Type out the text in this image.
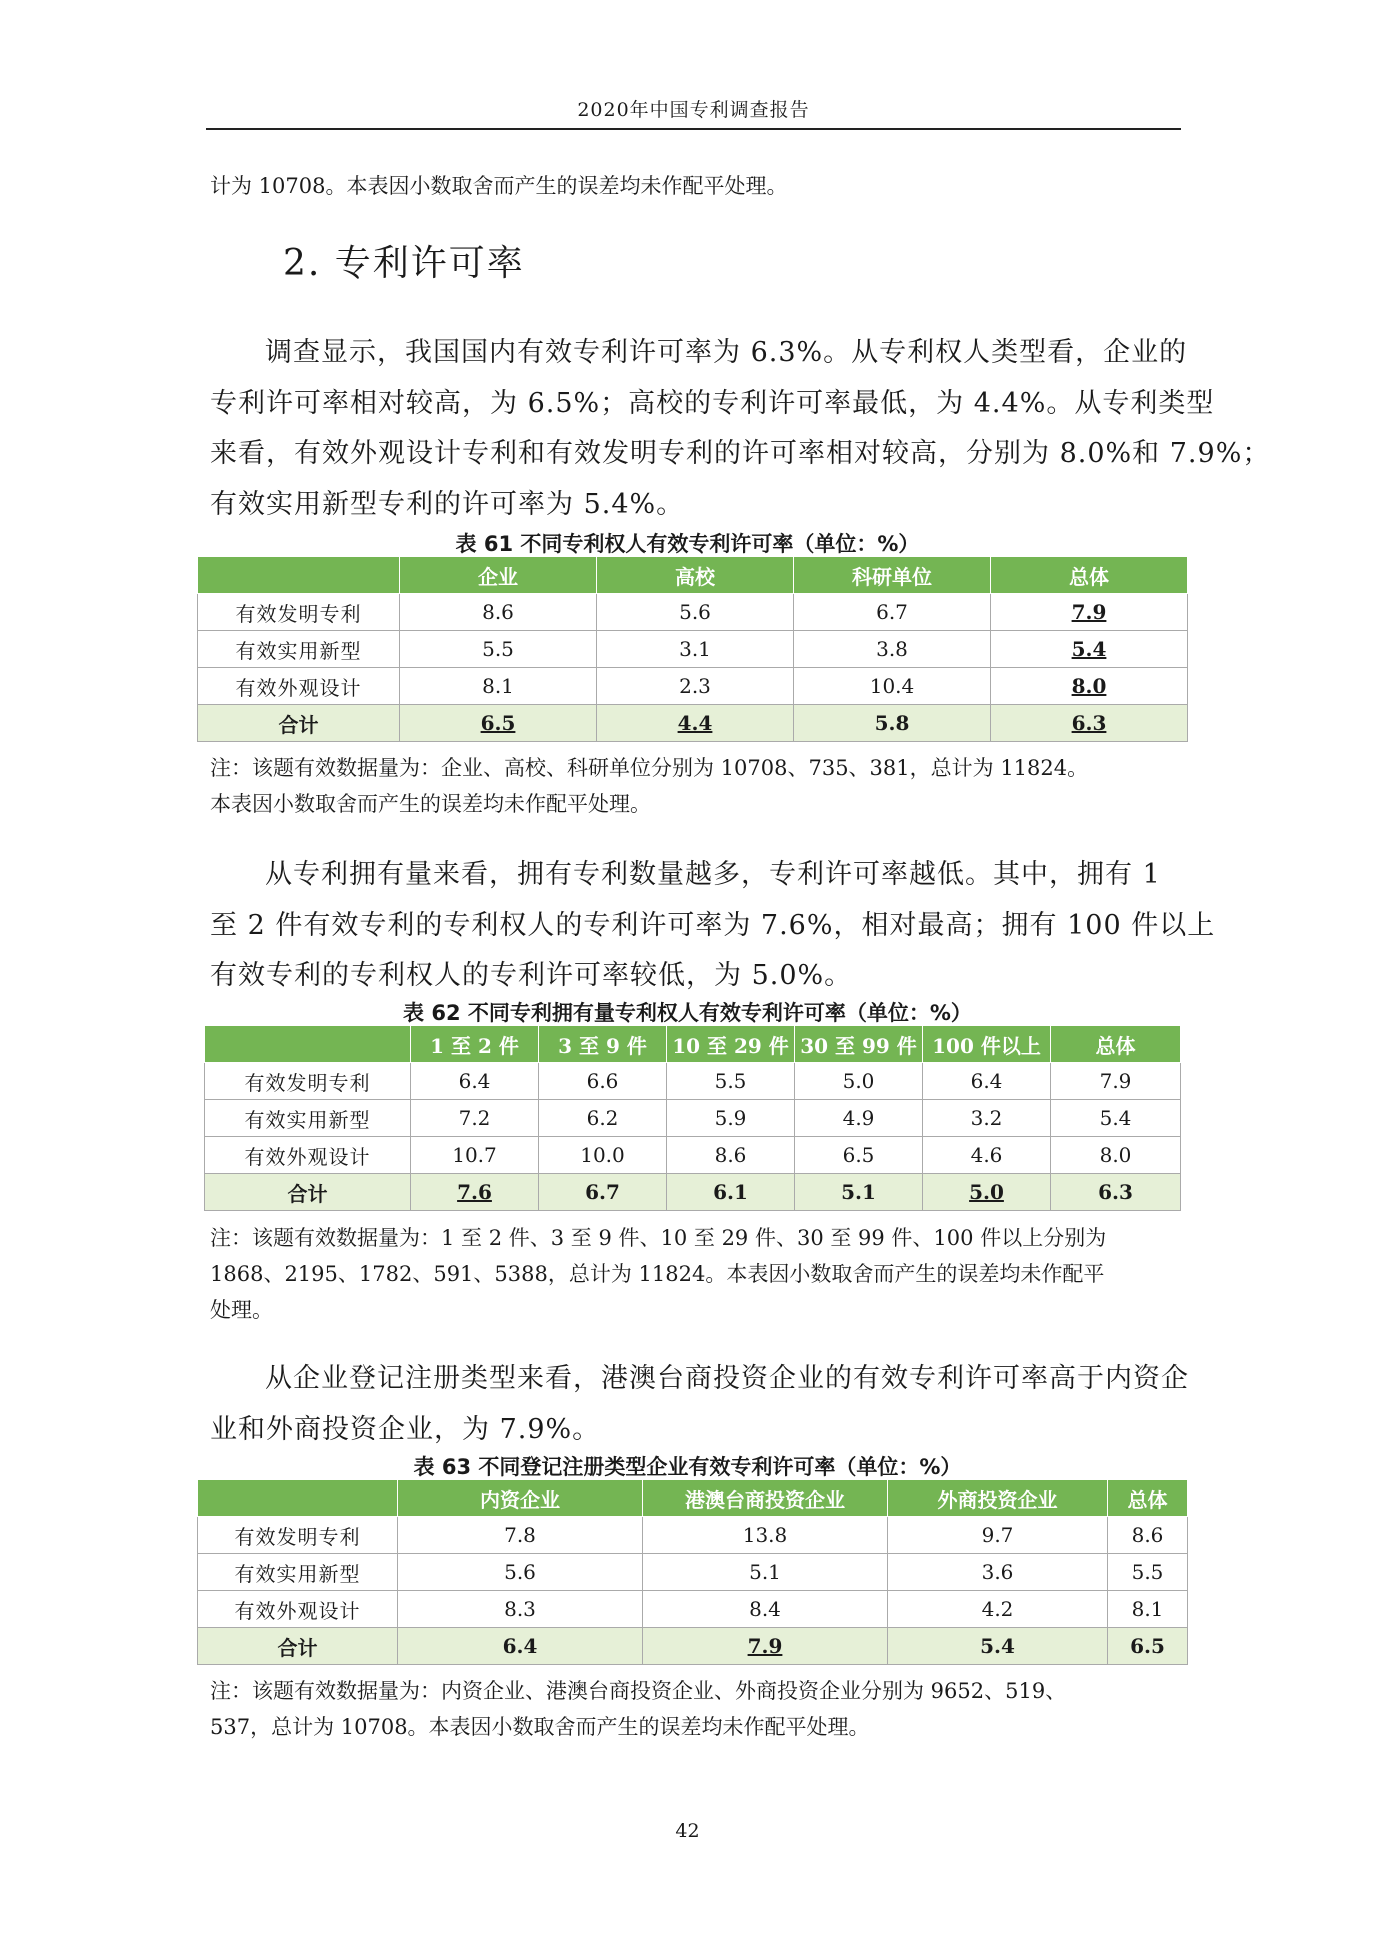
2020年中国专利调查报告
计为 10708。本表因小数取舍而产生的误差均未作配平处理。
2. 专利许可率
调查显示，我国国内有效专利许可率为 6.3%。从专利权人类型看，企业的
专利许可率相对较高，为 6.5%；高校的专利许可率最低，为 4.4%。从专利类型
来看，有效外观设计专利和有效发明专利的许可率相对较高，分别为 8.0%和 7.9%；
有效实用新型专利的许可率为 5.4%。
表 61 不同专利权人有效专利许可率（单位：%）
	企业	高校	科研单位	总体
有效发明专利	8.6	5.6	6.7	7.9
有效实用新型	5.5	3.1	3.8	5.4
有效外观设计	8.1	2.3	10.4	8.0
合计	6.5	4.4	5.8	6.3
注：该题有效数据量为：企业、高校、科研单位分别为 10708、735、381，总计为 11824。
本表因小数取舍而产生的误差均未作配平处理。
从专利拥有量来看，拥有专利数量越多，专利许可率越低。其中，拥有 1
至 2 件有效专利的专利权人的专利许可率为 7.6%，相对最高；拥有 100 件以上
有效专利的专利权人的专利许可率较低，为 5.0%。
表 62 不同专利拥有量专利权人有效专利许可率（单位：%）
	1 至 2 件	3 至 9 件	10 至 29 件	30 至 99 件	100 件以上	总体
有效发明专利	6.4	6.6	5.5	5.0	6.4	7.9
有效实用新型	7.2	6.2	5.9	4.9	3.2	5.4
有效外观设计	10.7	10.0	8.6	6.5	4.6	8.0
合计	7.6	6.7	6.1	5.1	5.0	6.3
注：该题有效数据量为：1 至 2 件、3 至 9 件、10 至 29 件、30 至 99 件、100 件以上分别为
1868、2195、1782、591、5388，总计为 11824。本表因小数取舍而产生的误差均未作配平
处理。
从企业登记注册类型来看，港澳台商投资企业的有效专利许可率高于内资企
业和外商投资企业，为 7.9%。
表 63 不同登记注册类型企业有效专利许可率（单位：%）
	内资企业	港澳台商投资企业	外商投资企业	总体
有效发明专利	7.8	13.8	9.7	8.6
有效实用新型	5.6	5.1	3.6	5.5
有效外观设计	8.3	8.4	4.2	8.1
合计	6.4	7.9	5.4	6.5
注：该题有效数据量为：内资企业、港澳台商投资企业、外商投资企业分别为 9652、519、
537，总计为 10708。本表因小数取舍而产生的误差均未作配平处理。
42
